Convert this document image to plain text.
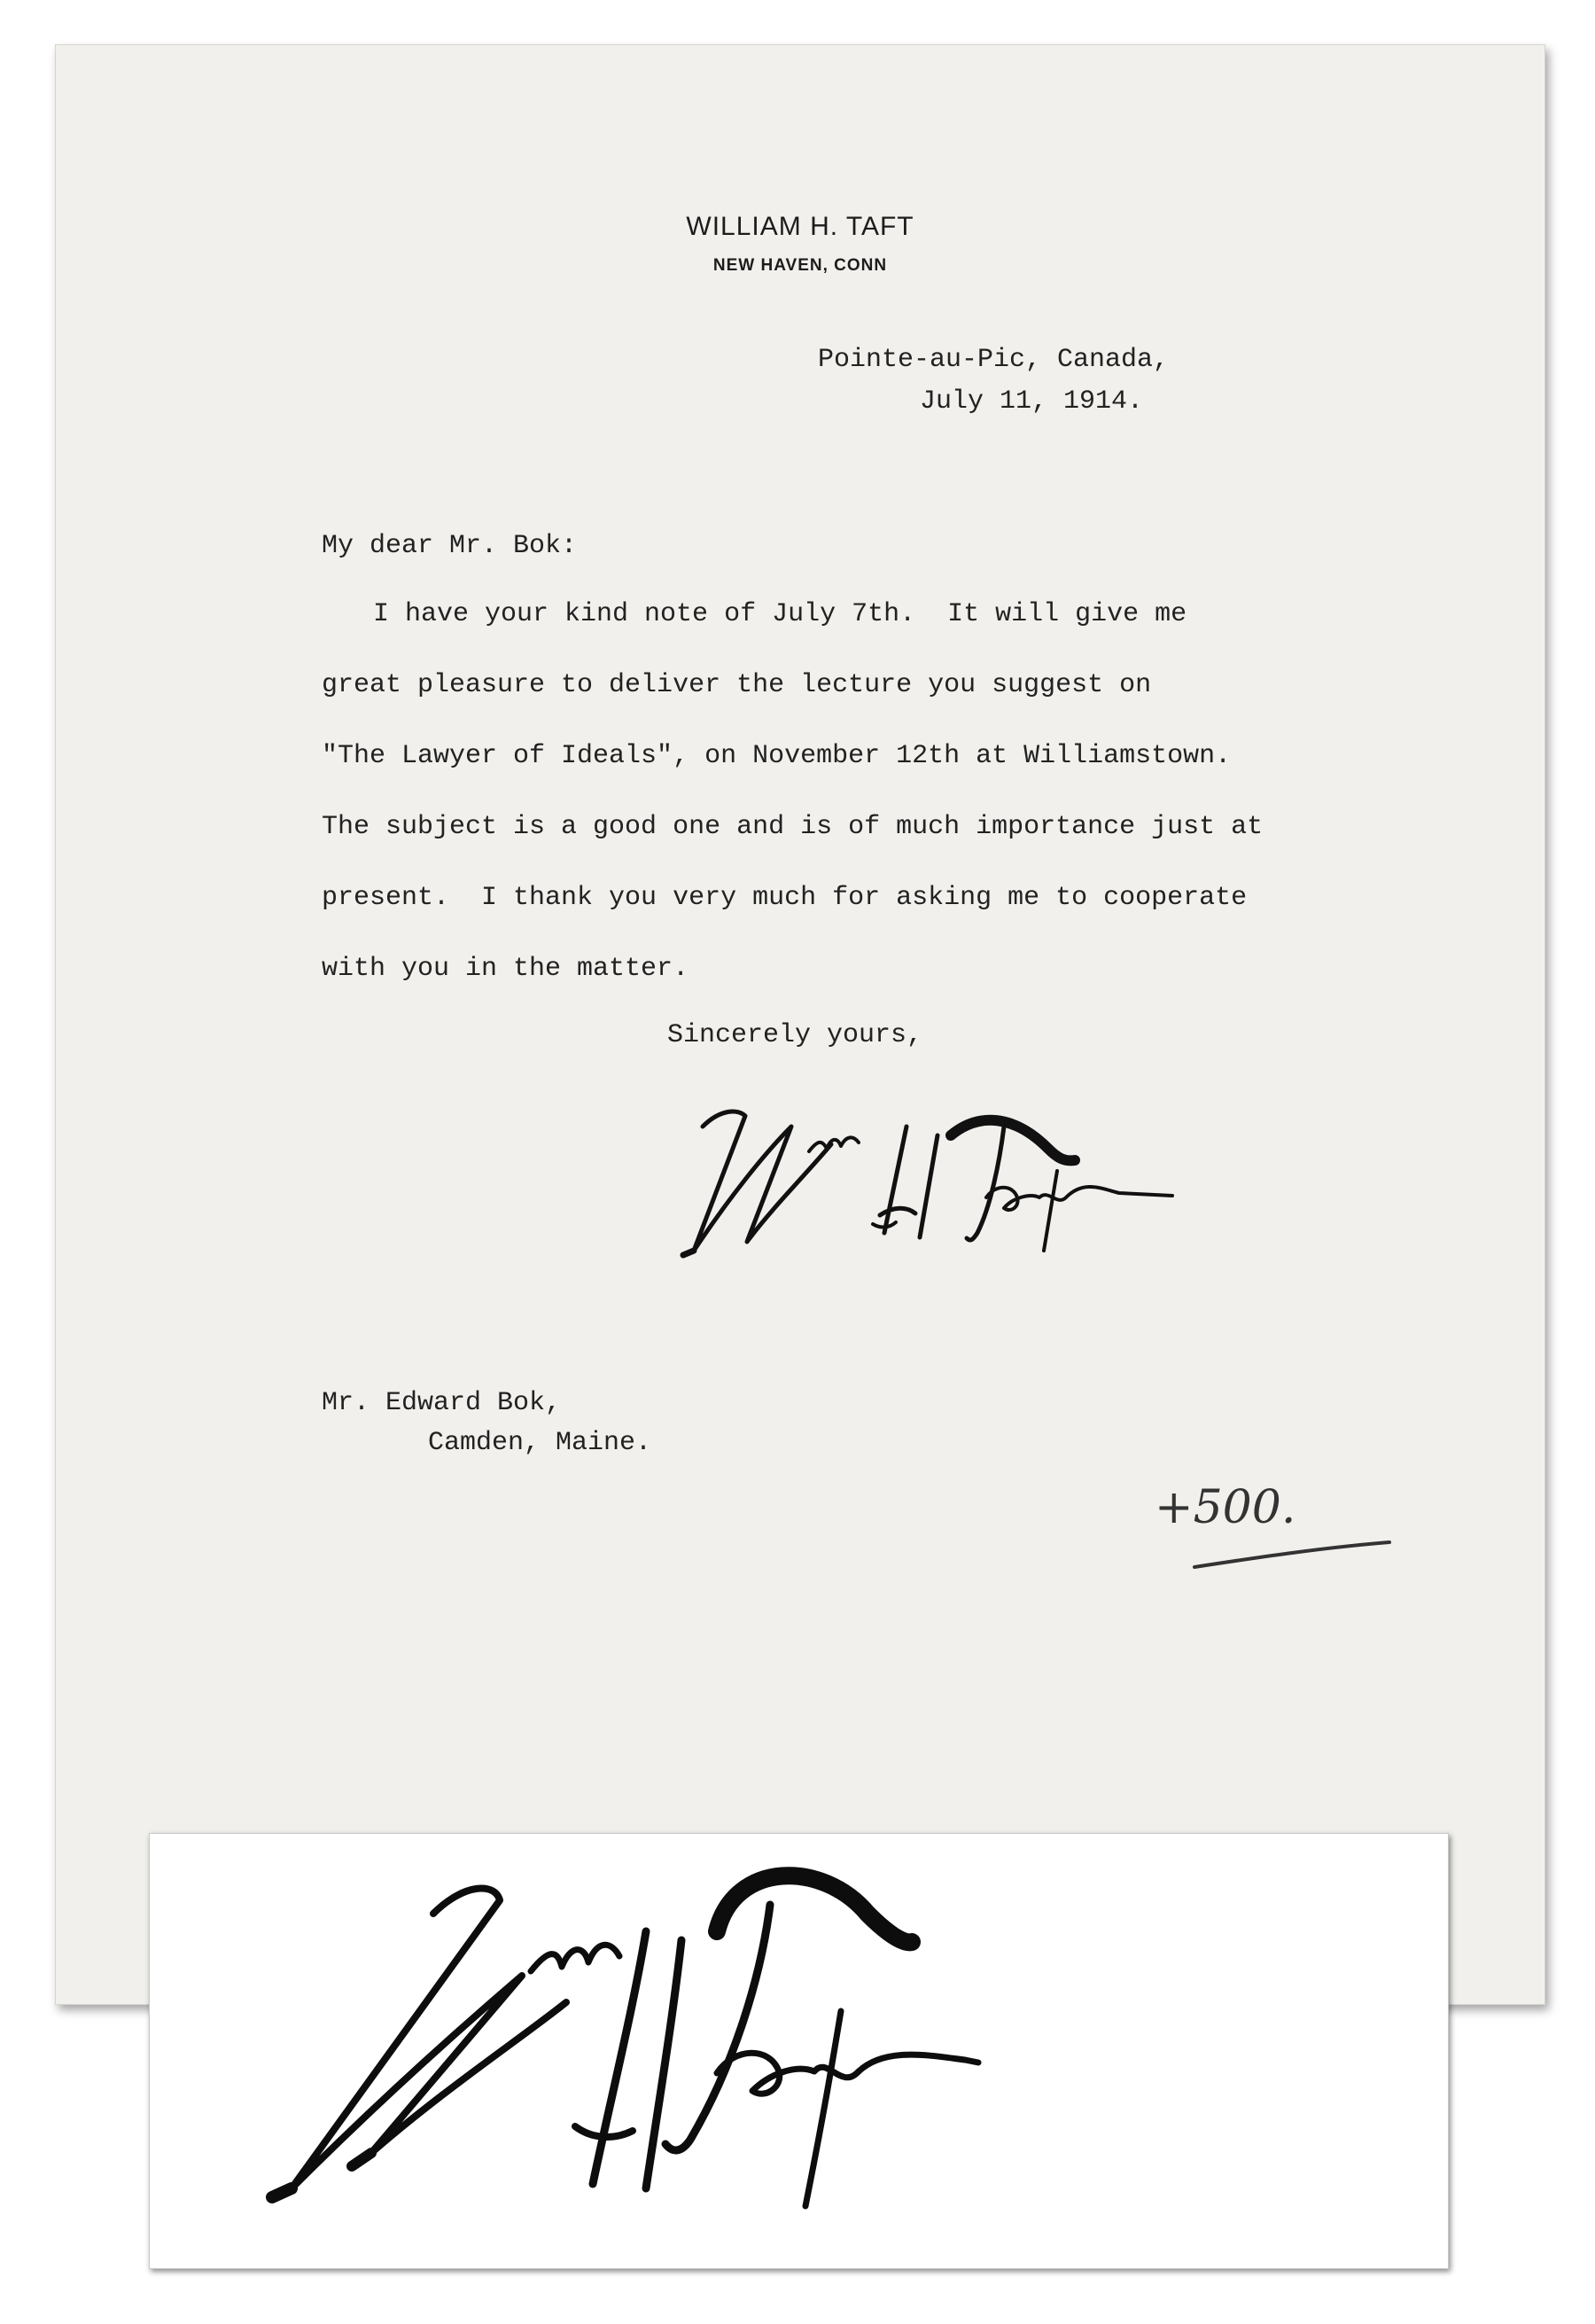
WILLIAM H. TAFT
NEW HAVEN, CONN
Pointe-au-Pic, Canada,
July 11, 1914.
My dear Mr. Bok:
I have your kind note of July 7th.  It will give me
great pleasure to deliver the lecture you suggest on
"The Lawyer of Ideals", on November 12th at Williamstown.
The subject is a good one and is of much importance just at
present.  I thank you very much for asking me to cooperate
with you in the matter.
Sincerely yours,
Mr. Edward Bok,
Camden, Maine.
+500.
